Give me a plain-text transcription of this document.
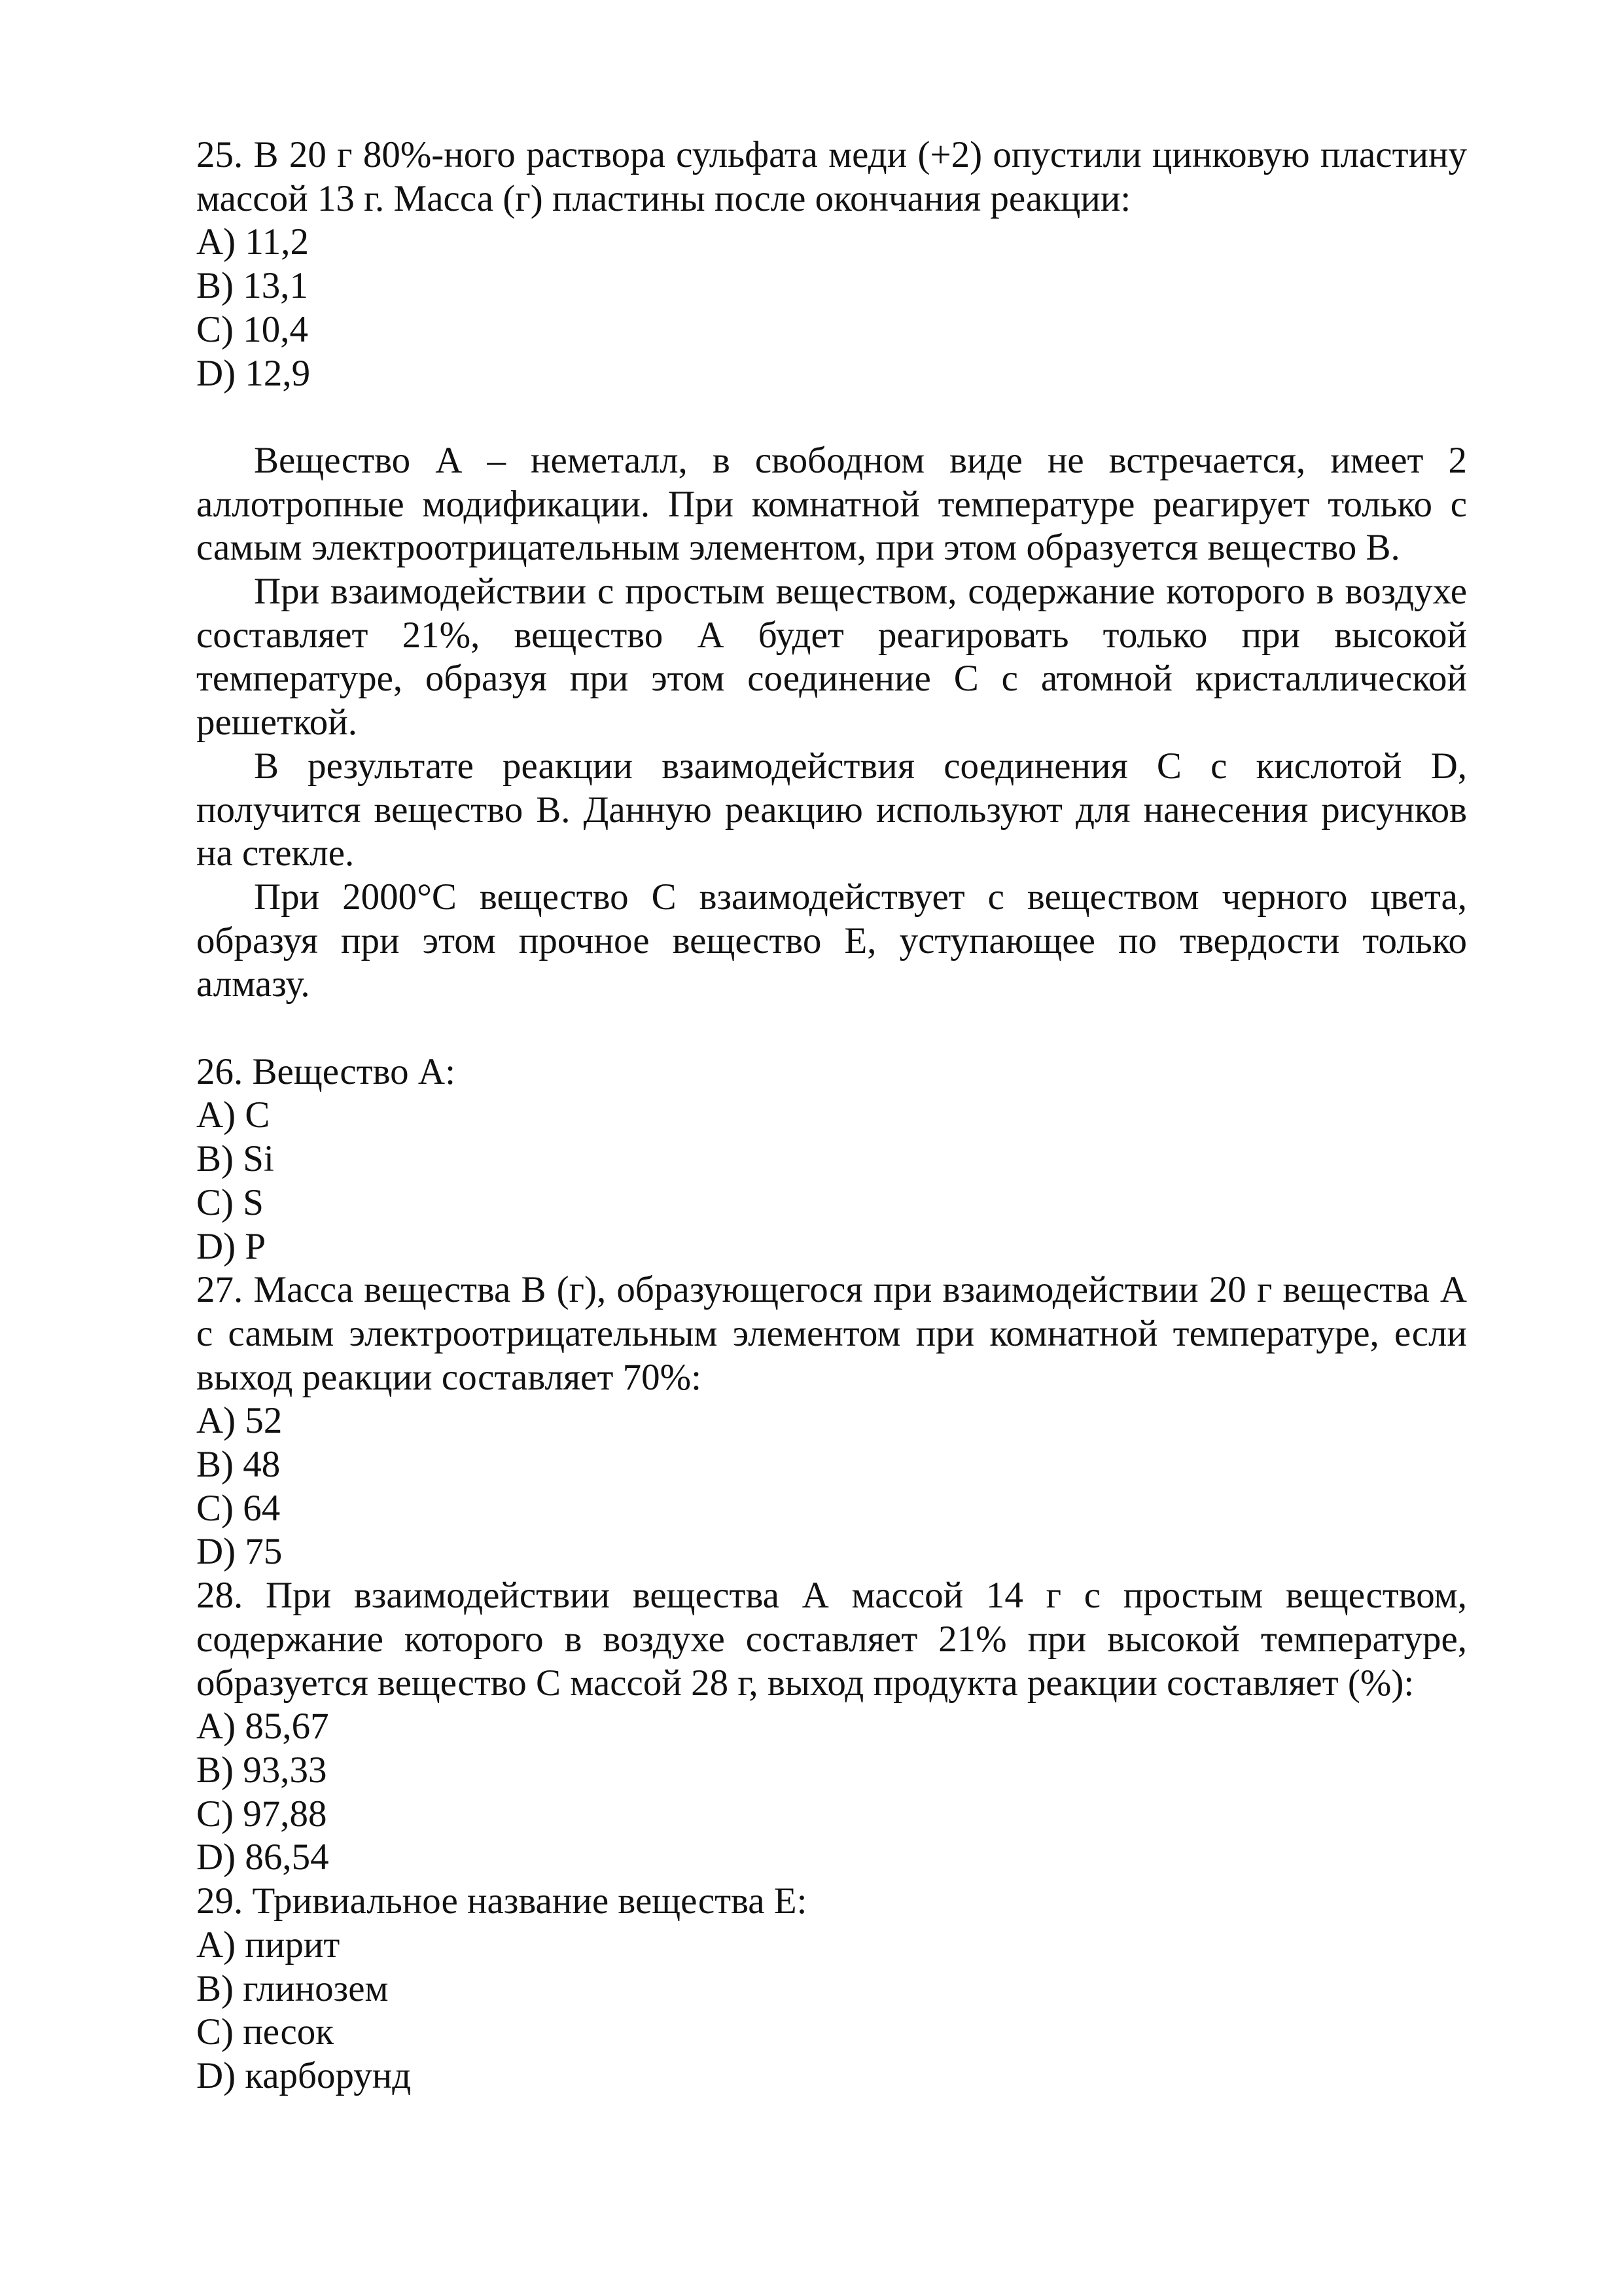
25. В 20 г 80%-ного раствора сульфата меди (+2) опустили цинковую пластину массой 13 г. Масса (г) пластины после окончания реакции:
A) 11,2
B) 13,1
C) 10,4
D) 12,9
Вещество А – неметалл, в свободном виде не встречается, имеет 2 аллотропные модификации. При комнатной температуре реагирует только с самым электроотрицательным элементом, при этом образуется вещество В.
При взаимодействии с простым веществом, содержание которого в воздухе составляет 21%, вещество А будет реагировать только при высокой температуре, образуя при этом соединение С с атомной кристаллической решеткой.
В результате реакции взаимодействия соединения С с кислотой D, получится вещество В. Данную реакцию используют для нанесения рисунков на стекле.
При 2000°С вещество С взаимодействует с веществом черного цвета, образуя при этом прочное вещество Е, уступающее по твердости только алмазу.
26. Вещество А:
A) C
B) Si
C) S
D) P
27. Масса вещества В (г), образующегося при взаимодействии 20 г вещества А с самым электроотрицательным элементом при комнатной температуре, если выход реакции составляет 70%:
A) 52
B) 48
C) 64
D) 75
28. При взаимодействии вещества А массой 14 г с простым веществом, содержание которого в воздухе составляет 21% при высокой температуре, образуется вещество С массой 28 г, выход продукта реакции составляет (%):
A) 85,67
B) 93,33
C) 97,88
D) 86,54
29. Тривиальное название вещества Е:
A) пирит
B) глинозем
C) песок
D) карборунд
